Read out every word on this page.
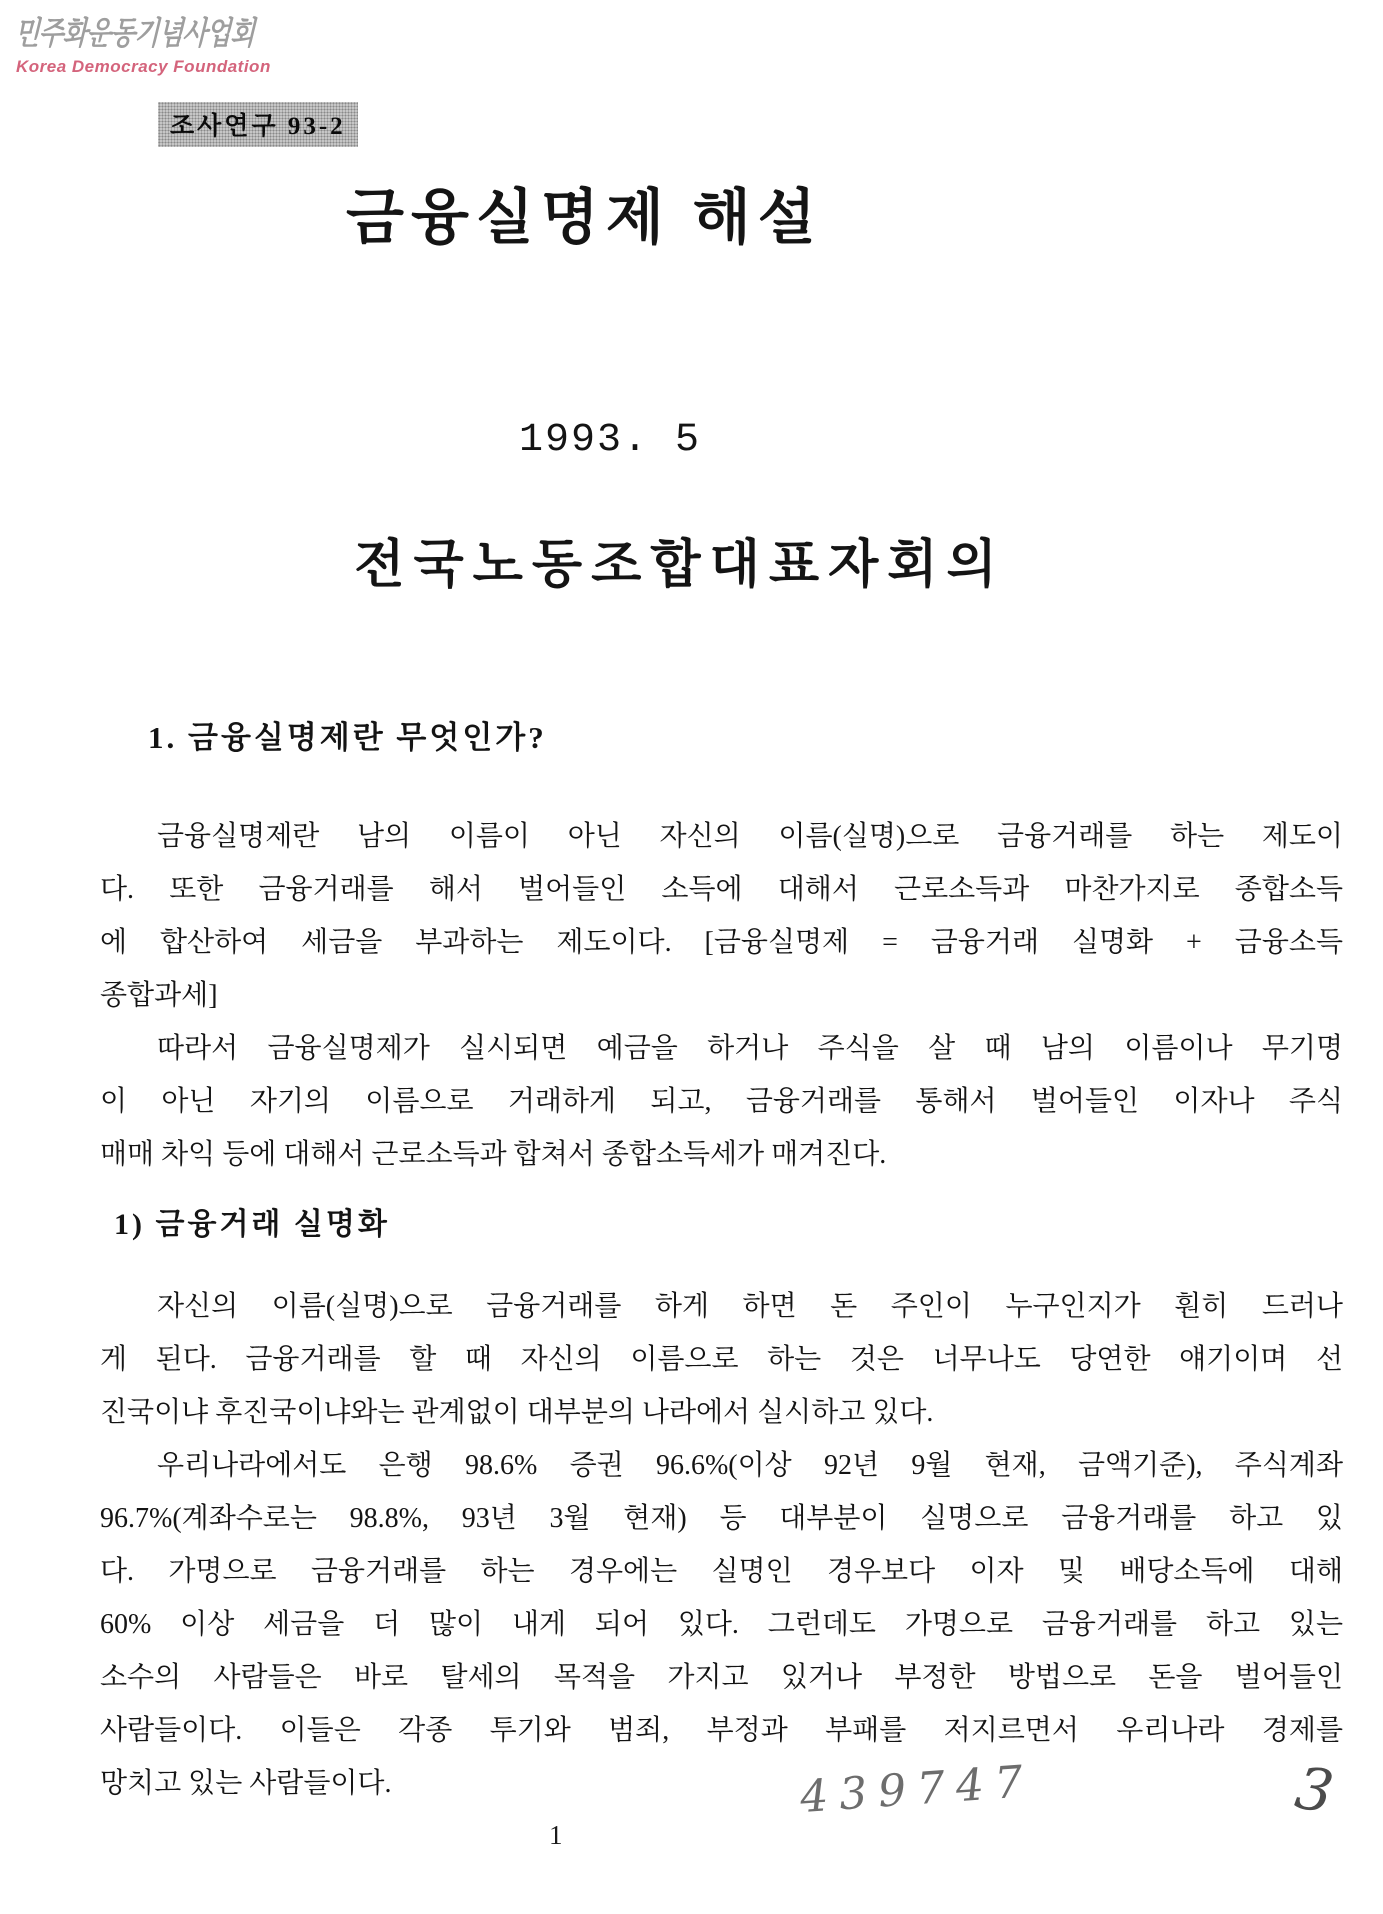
민주화운동기념사업회
Korea Democracy Foundation
조사연구 93-2
금융실명제 해설
1993. 5
전국노동조합대표자회의
1. 금융실명제란 무엇인가?
금융실명제란 남의 이름이 아닌 자신의 이름(실명)으로 금융거래를 하는 제도이
다. 또한 금융거래를 해서 벌어들인 소득에 대해서 근로소득과 마찬가지로 종합소득
에 합산하여 세금을 부과하는 제도이다. [금융실명제 = 금융거래 실명화 + 금융소득
종합과세]
따라서 금융실명제가 실시되면 예금을 하거나 주식을 살 때 남의 이름이나 무기명
이 아닌 자기의 이름으로 거래하게 되고, 금융거래를 통해서 벌어들인 이자나 주식
매매 차익 등에 대해서 근로소득과 합쳐서 종합소득세가 매겨진다.
1) 금융거래 실명화
자신의 이름(실명)으로 금융거래를 하게 하면 돈 주인이 누구인지가 훤히 드러나
게 된다. 금융거래를 할 때 자신의 이름으로 하는 것은 너무나도 당연한 얘기이며 선
진국이냐 후진국이냐와는 관계없이 대부분의 나라에서 실시하고 있다.
우리나라에서도 은행 98.6% 증권 96.6%(이상 92년 9월 현재, 금액기준), 주식계좌
96.7%(계좌수로는 98.8%, 93년 3월 현재) 등 대부분이 실명으로 금융거래를 하고 있
다. 가명으로 금융거래를 하는 경우에는 실명인 경우보다 이자 및 배당소득에 대해
60% 이상 세금을 더 많이 내게 되어 있다. 그런데도 가명으로 금융거래를 하고 있는
소수의 사람들은 바로 탈세의 목적을 가지고 있거나 부정한 방법으로 돈을 벌어들인
사람들이다. 이들은 각종 투기와 범죄, 부정과 부패를 저지르면서 우리나라 경제를
망치고 있는 사람들이다.	439747	3
1
